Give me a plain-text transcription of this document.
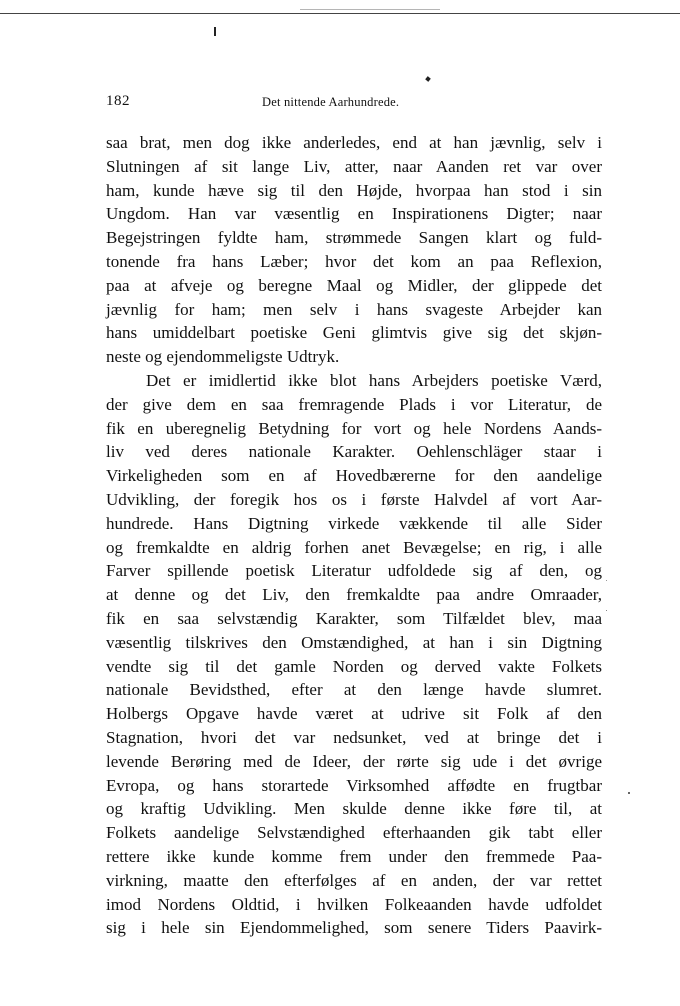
182	Det nittende Aarhundrede.
saa brat, men dog ikke anderledes, end at han jævnlig, selv i
Slutningen af sit lange Liv, atter, naar Aanden ret var over
ham, kunde hæve sig til den Højde, hvorpaa han stod i sin
Ungdom. Han var væsentlig en Inspirationens Digter; naar
Begejstringen fyldte ham, strømmede Sangen klart og fuld-
tonende fra hans Læber; hvor det kom an paa Reflexion,
paa at afveje og beregne Maal og Midler, der glippede det
jævnlig for ham; men selv i hans svageste Arbejder kan
hans umiddelbart poetiske Geni glimtvis give sig det skjøn-
neste og ejendommeligste Udtryk.
Det er imidlertid ikke blot hans Arbejders poetiske Værd,
der give dem en saa fremragende Plads i vor Literatur, de
fik en uberegnelig Betydning for vort og hele Nordens Aands-
liv ved deres nationale Karakter. Oehlenschläger staar i
Virkeligheden som en af Hovedbærerne for den aandelige
Udvikling, der foregik hos os i første Halvdel af vort Aar-
hundrede. Hans Digtning virkede vækkende til alle Sider
og fremkaldte en aldrig forhen anet Bevægelse; en rig, i alle
Farver spillende poetisk Literatur udfoldede sig af den, og
at denne og det Liv, den fremkaldte paa andre Omraader,
fik en saa selvstændig Karakter, som Tilfældet blev, maa
væsentlig tilskrives den Omstændighed, at han i sin Digtning
vendte sig til det gamle Norden og derved vakte Folkets
nationale Bevidsthed, efter at den længe havde slumret.
Holbergs Opgave havde været at udrive sit Folk af den
Stagnation, hvori det var nedsunket, ved at bringe det i
levende Berøring med de Ideer, der rørte sig ude i det øvrige
Evropa, og hans storartede Virksomhed affødte en frugtbar
og kraftig Udvikling. Men skulde denne ikke føre til, at
Folkets aandelige Selvstændighed efterhaanden gik tabt eller
rettere ikke kunde komme frem under den fremmede Paa-
virkning, maatte den efterfølges af en anden, der var rettet
imod Nordens Oldtid, i hvilken Folkeaanden havde udfoldet
sig i hele sin Ejendommelighed, som senere Tiders Paavirk-
